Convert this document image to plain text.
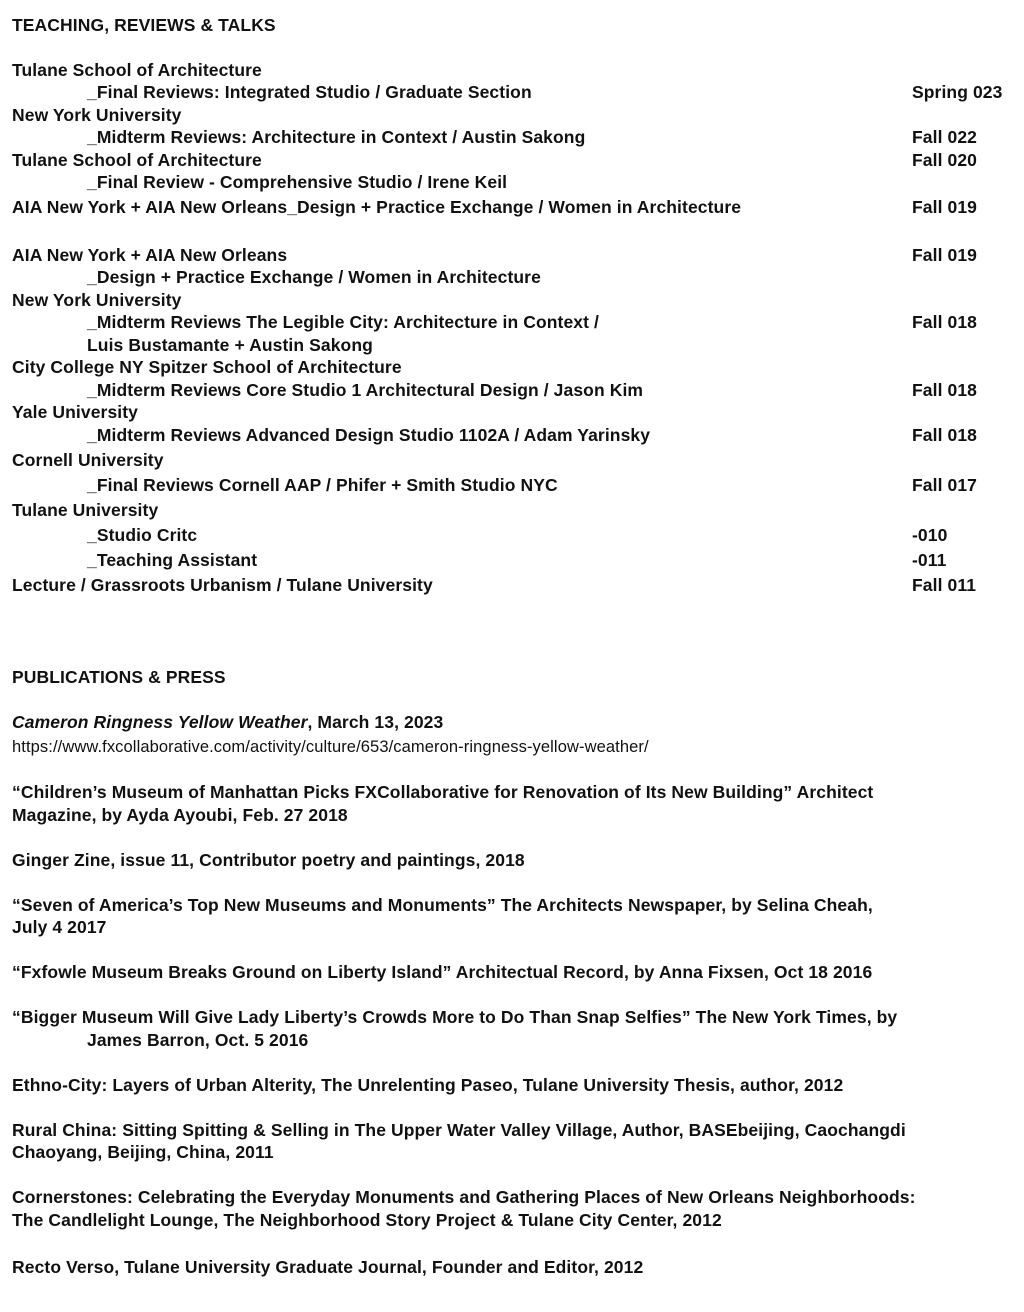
TEACHING, REVIEWS & TALKS
Tulane School of Architecture
_Final Reviews: Integrated Studio / Graduate Section	Spring 023
New York University
_Midterm Reviews: Architecture in Context / Austin Sakong	Fall 022
Tulane School of Architecture	Fall 020
_Final Review - Comprehensive Studio / Irene Keil
AIA New York + AIA New Orleans_Design + Practice Exchange / Women in Architecture	Fall 019
AIA New York + AIA New Orleans	Fall 019
_Design + Practice Exchange / Women in Architecture
New York University
_Midterm Reviews The Legible City: Architecture in Context /	Fall 018
Luis Bustamante + Austin Sakong
City College NY Spitzer School of Architecture
_Midterm Reviews Core Studio 1 Architectural Design / Jason Kim	Fall 018
Yale University
_Midterm Reviews Advanced Design Studio 1102A / Adam Yarinsky	Fall 018
Cornell University
_Final Reviews Cornell AAP / Phifer + Smith Studio NYC	Fall 017
Tulane University
_Studio Critc	-010
_Teaching Assistant	-011
Lecture / Grassroots Urbanism / Tulane University	Fall 011
PUBLICATIONS & PRESS
Cameron Ringness Yellow Weather, March 13, 2023
https://www.fxcollaborative.com/activity/culture/653/cameron-ringness-yellow-weather/
“Children’s Museum of Manhattan Picks FXCollaborative for Renovation of Its New Building” Architect
Magazine, by Ayda Ayoubi, Feb. 27 2018
Ginger Zine, issue 11, Contributor poetry and paintings, 2018
“Seven of America’s Top New Museums and Monuments” The Architects Newspaper, by Selina Cheah,
July 4 2017
“Fxfowle Museum Breaks Ground on Liberty Island” Architectual Record, by Anna Fixsen, Oct 18 2016
“Bigger Museum Will Give Lady Liberty’s Crowds More to Do Than Snap Selfies” The New York Times, by
James Barron, Oct. 5 2016
Ethno-City: Layers of Urban Alterity, The Unrelenting Paseo, Tulane University Thesis, author, 2012
Rural China: Sitting Spitting & Selling in The Upper Water Valley Village, Author, BASEbeijing, Caochangdi
Chaoyang, Beijing, China, 2011
Cornerstones: Celebrating the Everyday Monuments and Gathering Places of New Orleans Neighborhoods:
The Candlelight Lounge, The Neighborhood Story Project & Tulane City Center, 2012
Recto Verso, Tulane University Graduate Journal, Founder and Editor, 2012
